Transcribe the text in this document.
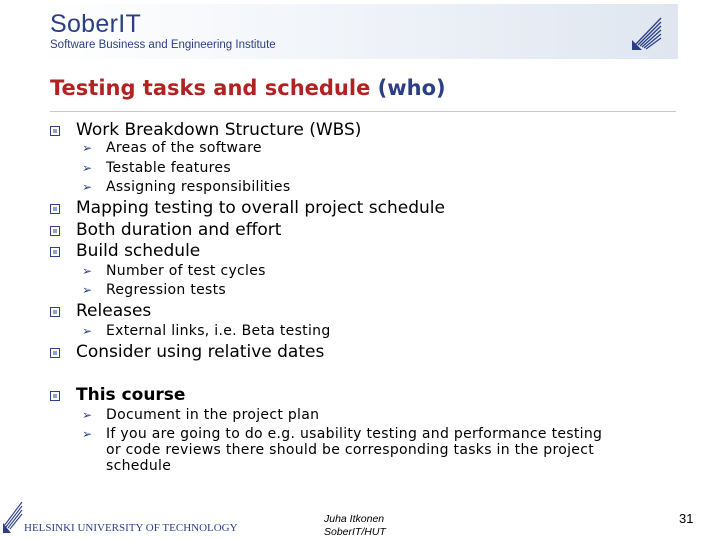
SoberIT
Software Business and Engineering Institute
Testing tasks and schedule (who)
Work Breakdown Structure (WBS)
➢ Areas of the software
➢ Testable features
➢ Assigning responsibilities
Mapping testing to overall project schedule
Both duration and effort
Build schedule
➢ Number of test cycles
➢ Regression tests
Releases
➢ External links, i.e. Beta testing
Consider using relative dates
This course
➢ Document in the project plan
➢ If you are going to do e.g. usability testing and performance testing
or code reviews there should be corresponding tasks in the project
schedule
HELSINKI UNIVERSITY OF TECHNOLOGY
Juha Itkonen
SoberIT/HUT
31
